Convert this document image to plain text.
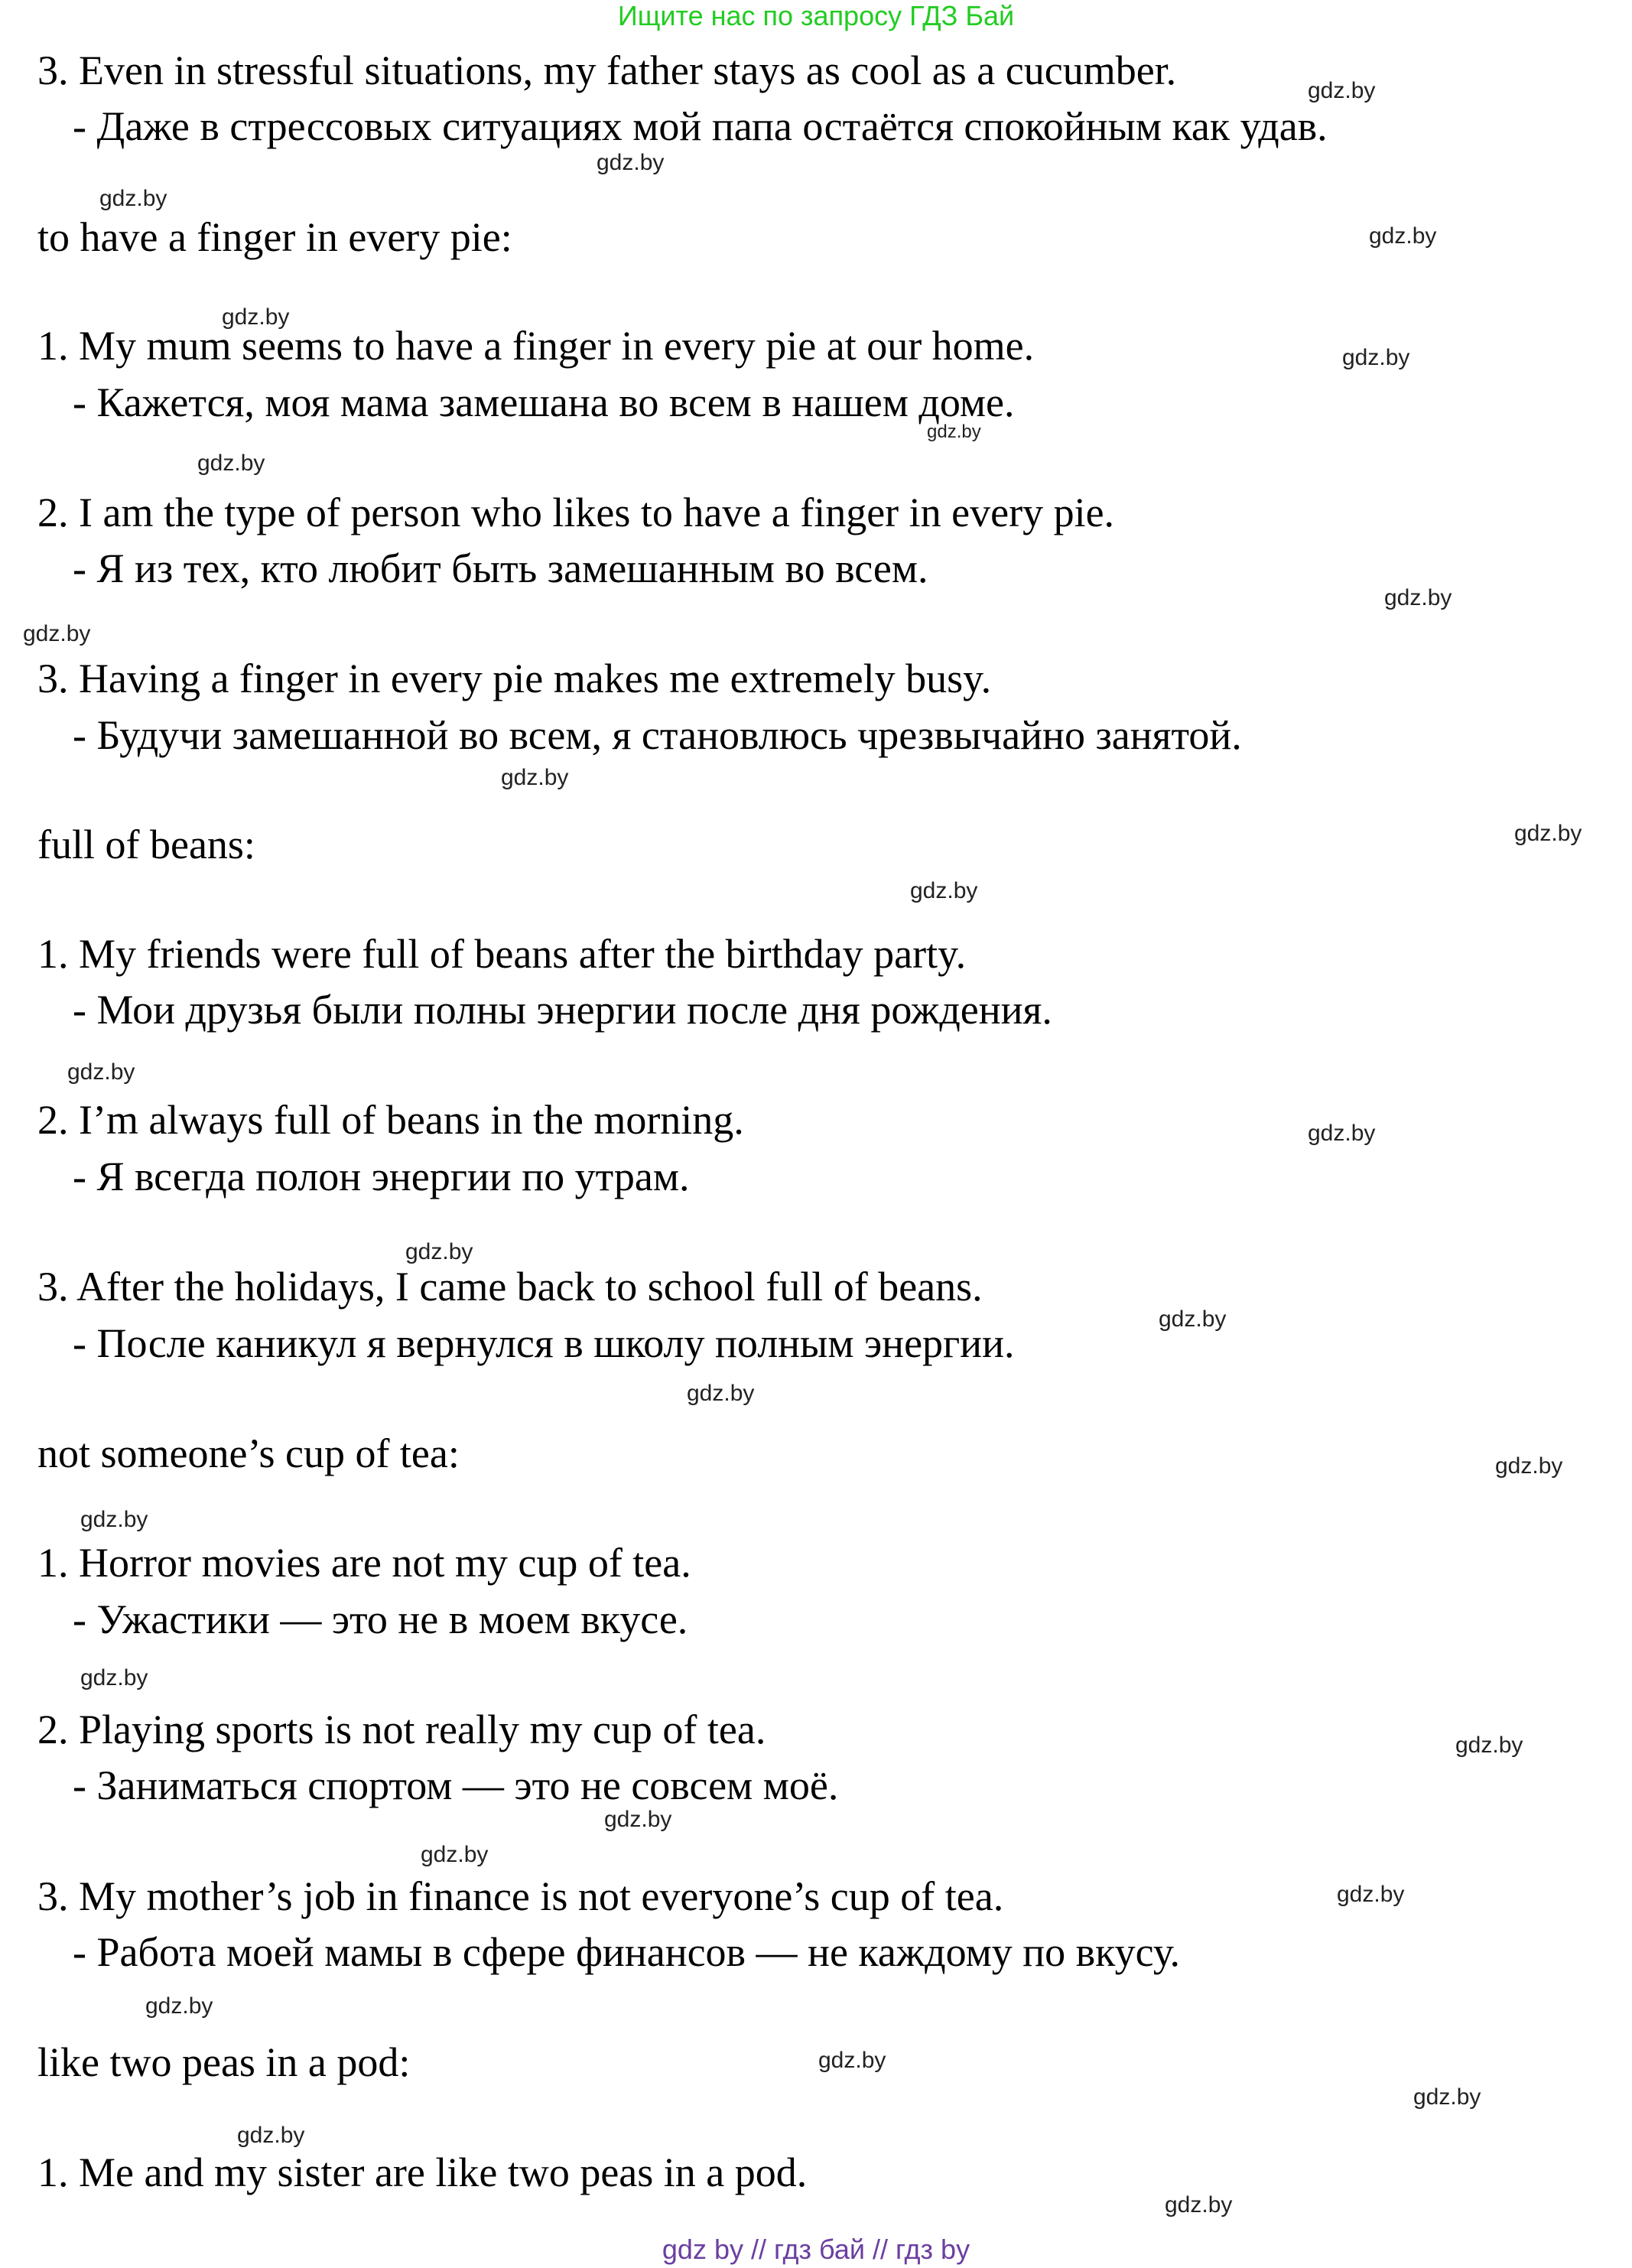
Ищите нас по запросу ГДЗ Бай
3. Even in stressful situations, my father stays as cool as a cucumber.
- Даже в стрессовых ситуациях мой папа остаётся спокойным как удав.
to have a finger in every pie:
1. My mum seems to have a finger in every pie at our home.
- Кажется, моя мама замешана во всем в нашем доме.
2. I am the type of person who likes to have a finger in every pie.
- Я из тех, кто любит быть замешанным во всем.
3. Having a finger in every pie makes me extremely busy.
- Будучи замешанной во всем, я становлюсь чрезвычайно занятой.
full of beans:
1. My friends were full of beans after the birthday party.
- Мои друзья были полны энергии после дня рождения.
2. I’m always full of beans in the morning.
- Я всегда полон энергии по утрам.
3. After the holidays, I came back to school full of beans.
- После каникул я вернулся в школу полным энергии.
not someone’s cup of tea:
1. Horror movies are not my cup of tea.
- Ужастики — это не в моем вкусе.
2. Playing sports is not really my cup of tea.
- Заниматься спортом — это не совсем моё.
3. My mother’s job in finance is not everyone’s cup of tea.
- Работа моей мамы в сфере финансов — не каждому по вкусу.
like two peas in a pod:
1. Me and my sister are like two peas in a pod.
gdz.by
gdz.by
gdz.by
gdz.by
gdz.by
gdz.by
gdz.by
gdz.by
gdz.by
gdz.by
gdz.by
gdz.by
gdz.by
gdz.by
gdz.by
gdz.by
gdz.by
gdz.by
gdz.by
gdz.by
gdz.by
gdz.by
gdz.by
gdz.by
gdz.by
gdz.by
gdz.by
gdz.by
gdz.by
gdz.by
gdz by // гдз бай // гдз by
